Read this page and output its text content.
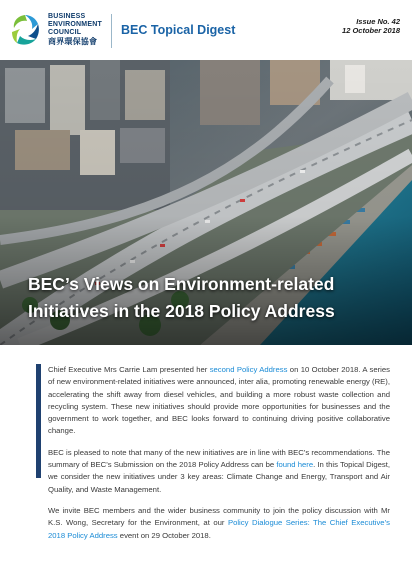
BUSINESS
ENVIRONMENT
COUNCIL
商界環保協會
BEC Topical Digest
Issue No. 42
12 October 2018
BEC’s Views on Environment-related
Initiatives in the 2018 Policy Address

Chief Executive Mrs Carrie Lam presented her second Policy Address on 10 October 2018. A series of new environment-related initiatives were announced, inter alia, promoting renewable energy (RE), accelerating the shift away from diesel vehicles, and building a more robust waste collection and recycling system. These new initiatives should provide more opportunities for businesses and the government to work together, and BEC looks forward to continuing driving positive collaborative change.

BEC is pleased to note that many of the new initiatives are in line with BEC’s recommendations. The summary of BEC’s Submission on the 2018 Policy Address can be found here. In this Topical Digest, we consider the new initiatives under 3 key areas: Climate Change and Energy, Transport and Air Quality, and Waste Management.

We invite BEC members and the wider business community to join the policy discussion with Mr K.S. Wong, Secretary for the Environment, at our Policy Dialogue Series: The Chief Executive’s 2018 Policy Address event on 29 October 2018.
